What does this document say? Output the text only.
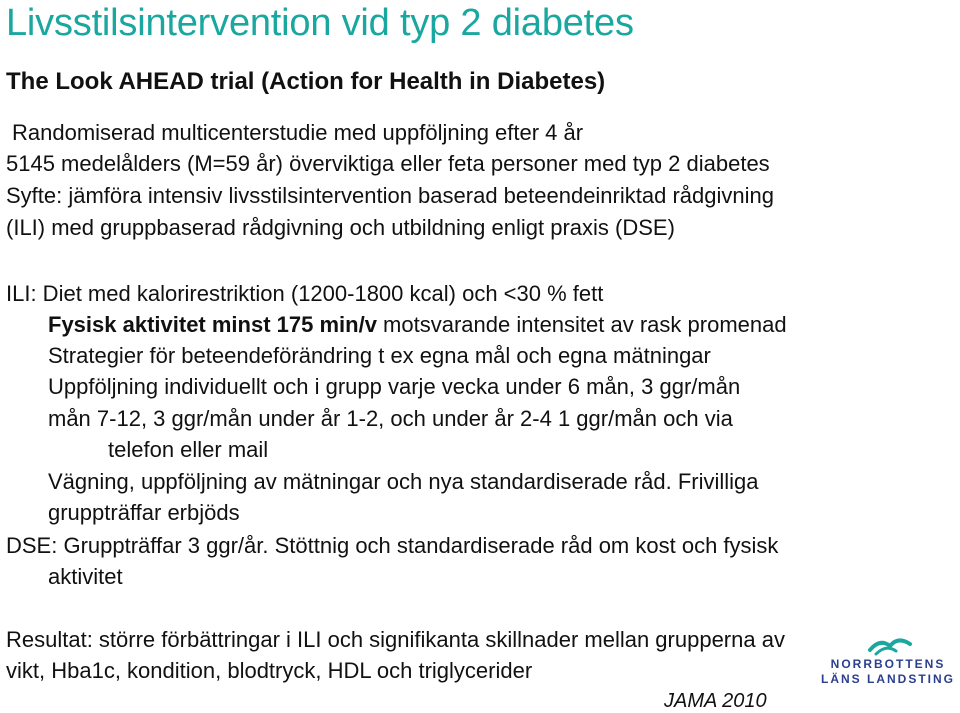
Livsstilsintervention vid typ 2 diabetes
The Look AHEAD trial (Action for Health in Diabetes)
Randomiserad multicenterstudie med uppföljning efter 4 år
5145 medelålders (M=59 år) överviktiga eller feta personer med typ 2 diabetes
Syfte: jämföra intensiv livsstilsintervention baserad beteendeinriktad rådgivning
(ILI) med gruppbaserad rådgivning och utbildning enligt praxis (DSE)
ILI: Diet med kalorirestriktion (1200-1800 kcal) och <30 % fett
Fysisk aktivitet minst 175 min/v motsvarande intensitet av rask promenad
Strategier för beteendeförändring t ex egna mål och egna mätningar
Uppföljning individuellt och i grupp varje vecka under 6 mån, 3 ggr/mån
mån 7-12, 3 ggr/mån under år 1-2, och under år 2-4 1 ggr/mån och via
telefon eller mail
Vägning, uppföljning av mätningar och nya standardiserade råd. Frivilliga
gruppträffar erbjöds
DSE: Gruppträffar 3 ggr/år. Stöttnig och standardiserade råd om kost och fysisk
aktivitet
Resultat: större förbättringar i ILI och signifikanta skillnader mellan grupperna av
vikt, Hba1c, kondition, blodtryck, HDL och triglycerider	NORRBOTTENS
LÄNS LANDSTING
JAMA 2010
